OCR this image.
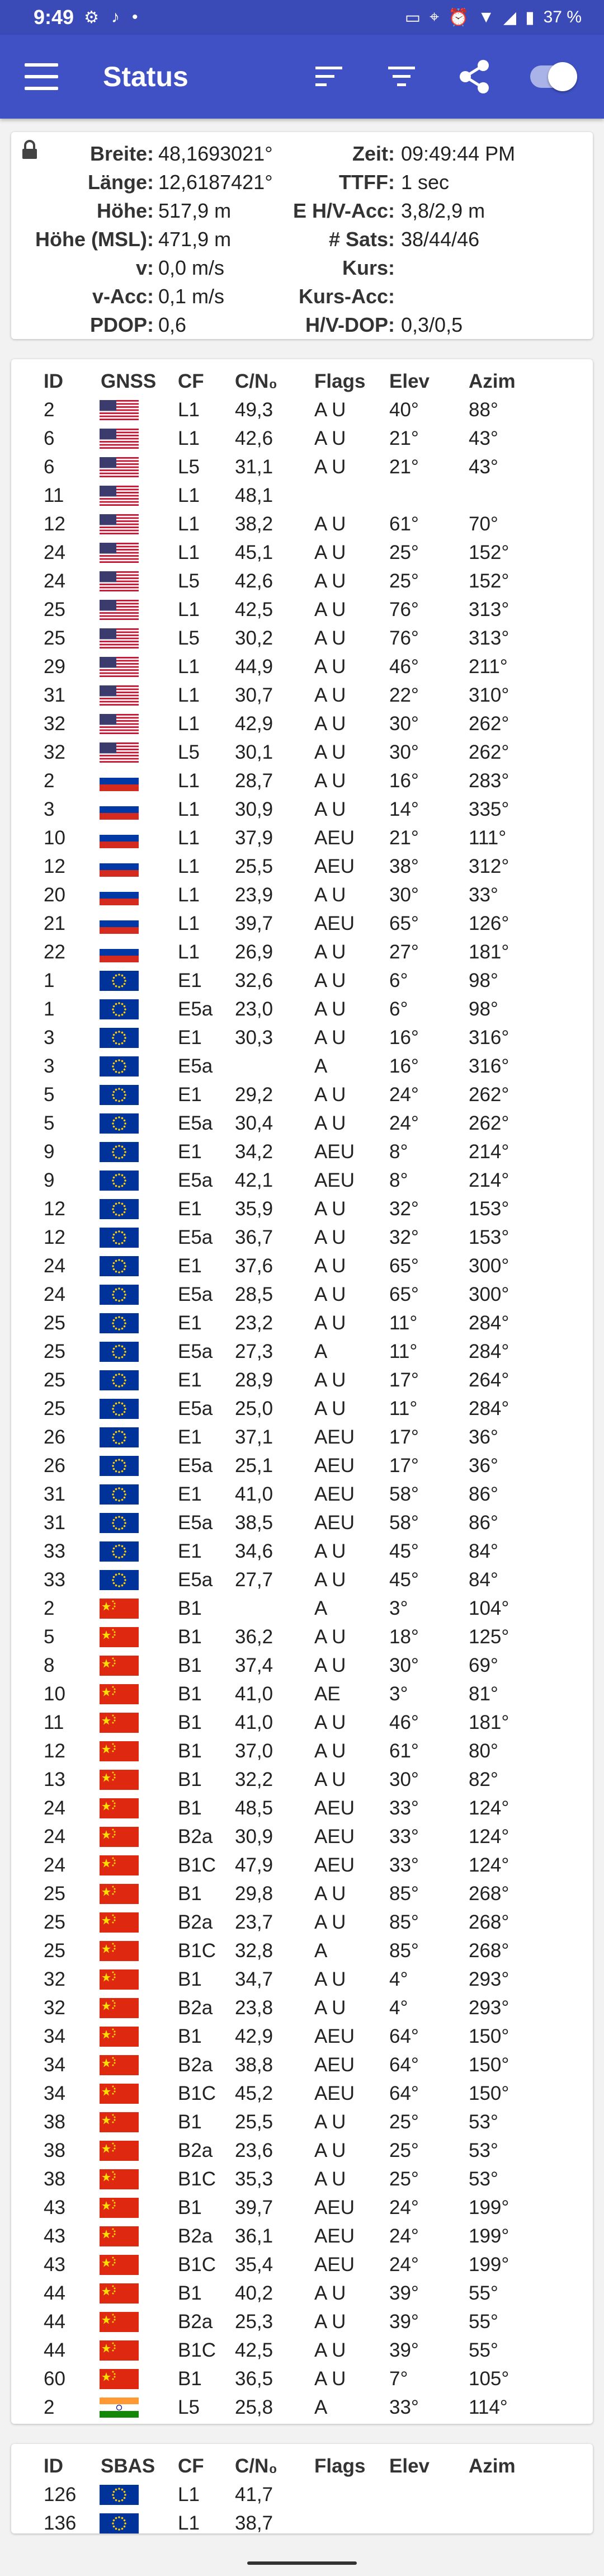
9:49 ⚙ ♪ •	▭ ⌖ ⏰ ▼ ◢ ▮ 37 %
Status
Breite: 48,1693021°	Zeit: 09:49:44 PM
Länge: 12,6187421°	TTFF: 1 sec
Höhe: 517,9 m	E H/V-Acc: 3,8/2,9 m
Höhe (MSL): 471,9 m	# Sats: 38/44/46
v: 0,0 m/s	Kurs:
v-Acc: 0,1 m/s	Kurs-Acc:
PDOP: 0,6	H/V-DOP: 0,3/0,5
ID GNSS CF C/N₀ Flags Elev Azim
2	L1 49,3 A U 40°	88°
6	L1 42,6 A U 21°	43°
6	L5 31,1 A U 21°	43°
11	L1 48,1
12	L1 38,2 A U 61°	70°
24	L1 45,1 A U 25°	152°
24	L5 42,6 A U 25°	152°
25	L1 42,5 A U 76°	313°
25	L5 30,2 A U 76°	313°
29	L1 44,9 A U 46°	211°
31	L1 30,7 A U 22°	310°
32	L1 42,9 A U 30°	262°
32	L5 30,1 A U 30°	262°
2	L1 28,7 A U 16°	283°
3	L1 30,9 A U 14°	335°
10	L1 37,9 AEU 21°	111°
12	L1 25,5 AEU 38°	312°
20	L1 23,9 A U 30°	33°
21	L1 39,7 AEU 65°	126°
22	L1 26,9 A U 27°	181°
1	E1 32,6 A U 6°	98°
1	E5a 23,0 A U 6°	98°
3	E1 30,3 A U 16°	316°
3	E5a	A	16°	316°
5	E1 29,2 A U 24°	262°
5	E5a 30,4 A U 24°	262°
9	E1 34,2 AEU 8°	214°
9	E5a 42,1 AEU 8°	214°
12	E1 35,9 A U 32°	153°
12	E5a 36,7 A U 32°	153°
24	E1 37,6 A U 65°	300°
24	E5a 28,5 A U 65°	300°
25	E1 23,2 A U 11°	284°
25	E5a 27,3 A	11°	284°
25	E1 28,9 A U 17°	264°
25	E5a 25,0 A U 11°	284°
26	E1 37,1 AEU 17°	36°
26	E5a 25,1 AEU 17°	36°
31	E1 41,0 AEU 58°	86°
31	E5a 38,5 AEU 58°	86°
33	E1 34,6 A U 45°	84°
33	E5a 27,7 A U 45°	84°
2	B1	A	3°	104°
5	B1 36,2 A U 18°	125°
8	B1 37,4 A U 30°	69°
10	B1 41,0 AE 3°	81°
11	B1 41,0 A U 46°	181°
12	B1 37,0 A U 61°	80°
13	B1 32,2 A U 30°	82°
24	B1 48,5 AEU 33°	124°
24	B2a 30,9 AEU 33°	124°
24	B1C 47,9 AEU 33°	124°
25	B1 29,8 A U 85°	268°
25	B2a 23,7 A U 85°	268°
25	B1C 32,8 A	85°	268°
32	B1 34,7 A U 4°	293°
32	B2a 23,8 A U 4°	293°
34	B1 42,9 AEU 64°	150°
34	B2a 38,8 AEU 64°	150°
34	B1C 45,2 AEU 64°	150°
38	B1 25,5 A U 25°	53°
38	B2a 23,6 A U 25°	53°
38	B1C 35,3 A U 25°	53°
43	B1 39,7 AEU 24°	199°
43	B2a 36,1 AEU 24°	199°
43	B1C 35,4 AEU 24°	199°
44	B1 40,2 A U 39°	55°
44	B2a 25,3 A U 39°	55°
44	B1C 42,5 A U 39°	55°
60	B1 36,5 A U 7°	105°
2	L5 25,8 A	33°	114°
ID SBAS CF C/N₀ Flags Elev Azim
126	L1 41,7
136	L1 38,7
